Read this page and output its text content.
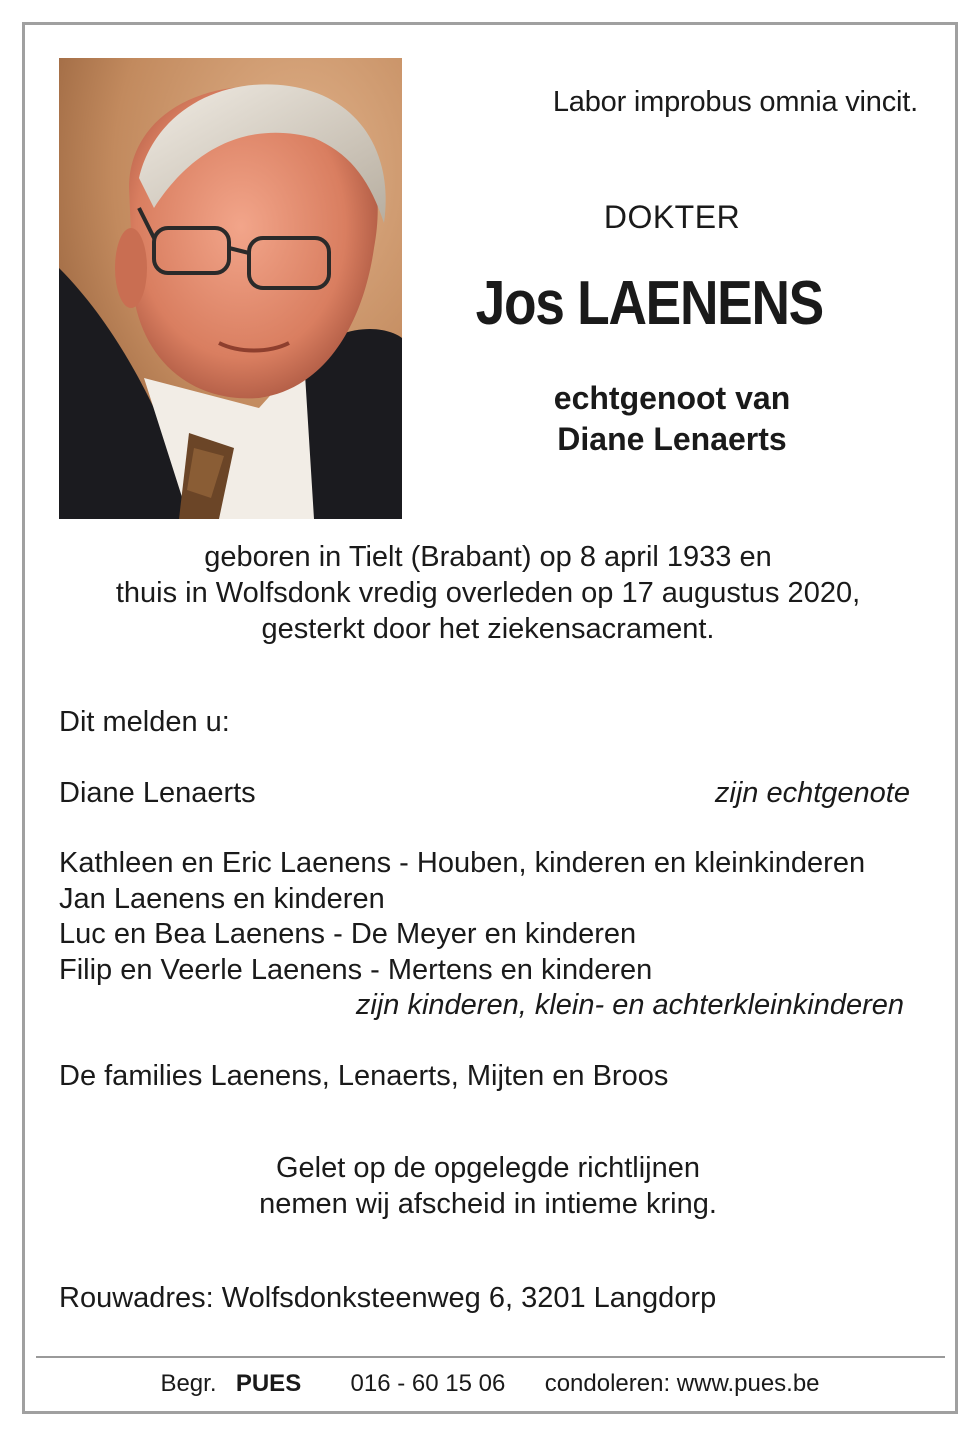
Labor improbus omnia vincit.
DOKTER
Jos LAENENS
echtgenoot van
Diane Lenaerts
geboren in Tielt (Brabant) op 8 april 1933 en
thuis in Wolfsdonk vredig overleden op 17 augustus 2020,
gesterkt door het ziekensacrament.
Dit melden u:
Diane Lenaerts	zijn echtgenote
Kathleen en Eric Laenens - Houben, kinderen en kleinkinderen
Jan Laenens en kinderen
Luc en Bea Laenens - De Meyer en kinderen
Filip en Veerle Laenens - Mertens en kinderen
zijn kinderen, klein- en achterkleinkinderen
De families Laenens, Lenaerts, Mijten en Broos
Gelet op de opgelegde richtlijnen
nemen wij afscheid in intieme kring.
Rouwadres: Wolfsdonksteenweg 6, 3201 Langdorp
Begr. PUES 016 - 60 15 06 condoleren: www.pues.be
